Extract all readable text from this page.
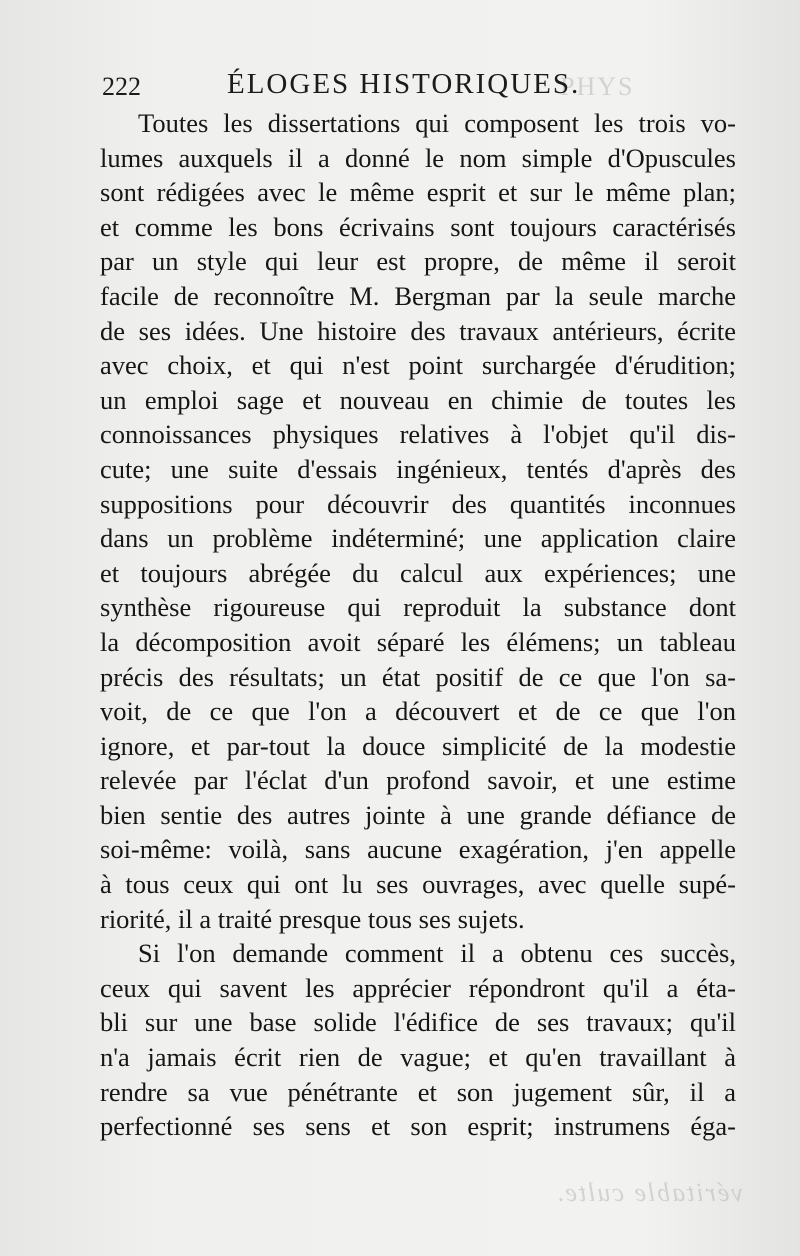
PHYS
véritable culte.
222	ÉLOGES HISTORIQUES.
Toutes les dissertations qui composent les trois vo-
lumes auxquels il a donné le nom simple d'Opuscules
sont rédigées avec le même esprit et sur le même plan;
et comme les bons écrivains sont toujours caractérisés
par un style qui leur est propre, de même il seroit
facile de reconnoître M. Bergman par la seule marche
de ses idées. Une histoire des travaux antérieurs, écrite
avec choix, et qui n'est point surchargée d'érudition;
un emploi sage et nouveau en chimie de toutes les
connoissances physiques relatives à l'objet qu'il dis-
cute; une suite d'essais ingénieux, tentés d'après des
suppositions pour découvrir des quantités inconnues
dans un problème indéterminé; une application claire
et toujours abrégée du calcul aux expériences; une
synthèse rigoureuse qui reproduit la substance dont
la décomposition avoit séparé les élémens; un tableau
précis des résultats; un état positif de ce que l'on sa-
voit, de ce que l'on a découvert et de ce que l'on
ignore, et par-tout la douce simplicité de la modestie
relevée par l'éclat d'un profond savoir, et une estime
bien sentie des autres jointe à une grande défiance de
soi-même: voilà, sans aucune exagération, j'en appelle
à tous ceux qui ont lu ses ouvrages, avec quelle supé-
riorité, il a traité presque tous ses sujets.
Si l'on demande comment il a obtenu ces succès,
ceux qui savent les apprécier répondront qu'il a éta-
bli sur une base solide l'édifice de ses travaux; qu'il
n'a jamais écrit rien de vague; et qu'en travaillant à
rendre sa vue pénétrante et son jugement sûr, il a
perfectionné ses sens et son esprit; instrumens éga-
